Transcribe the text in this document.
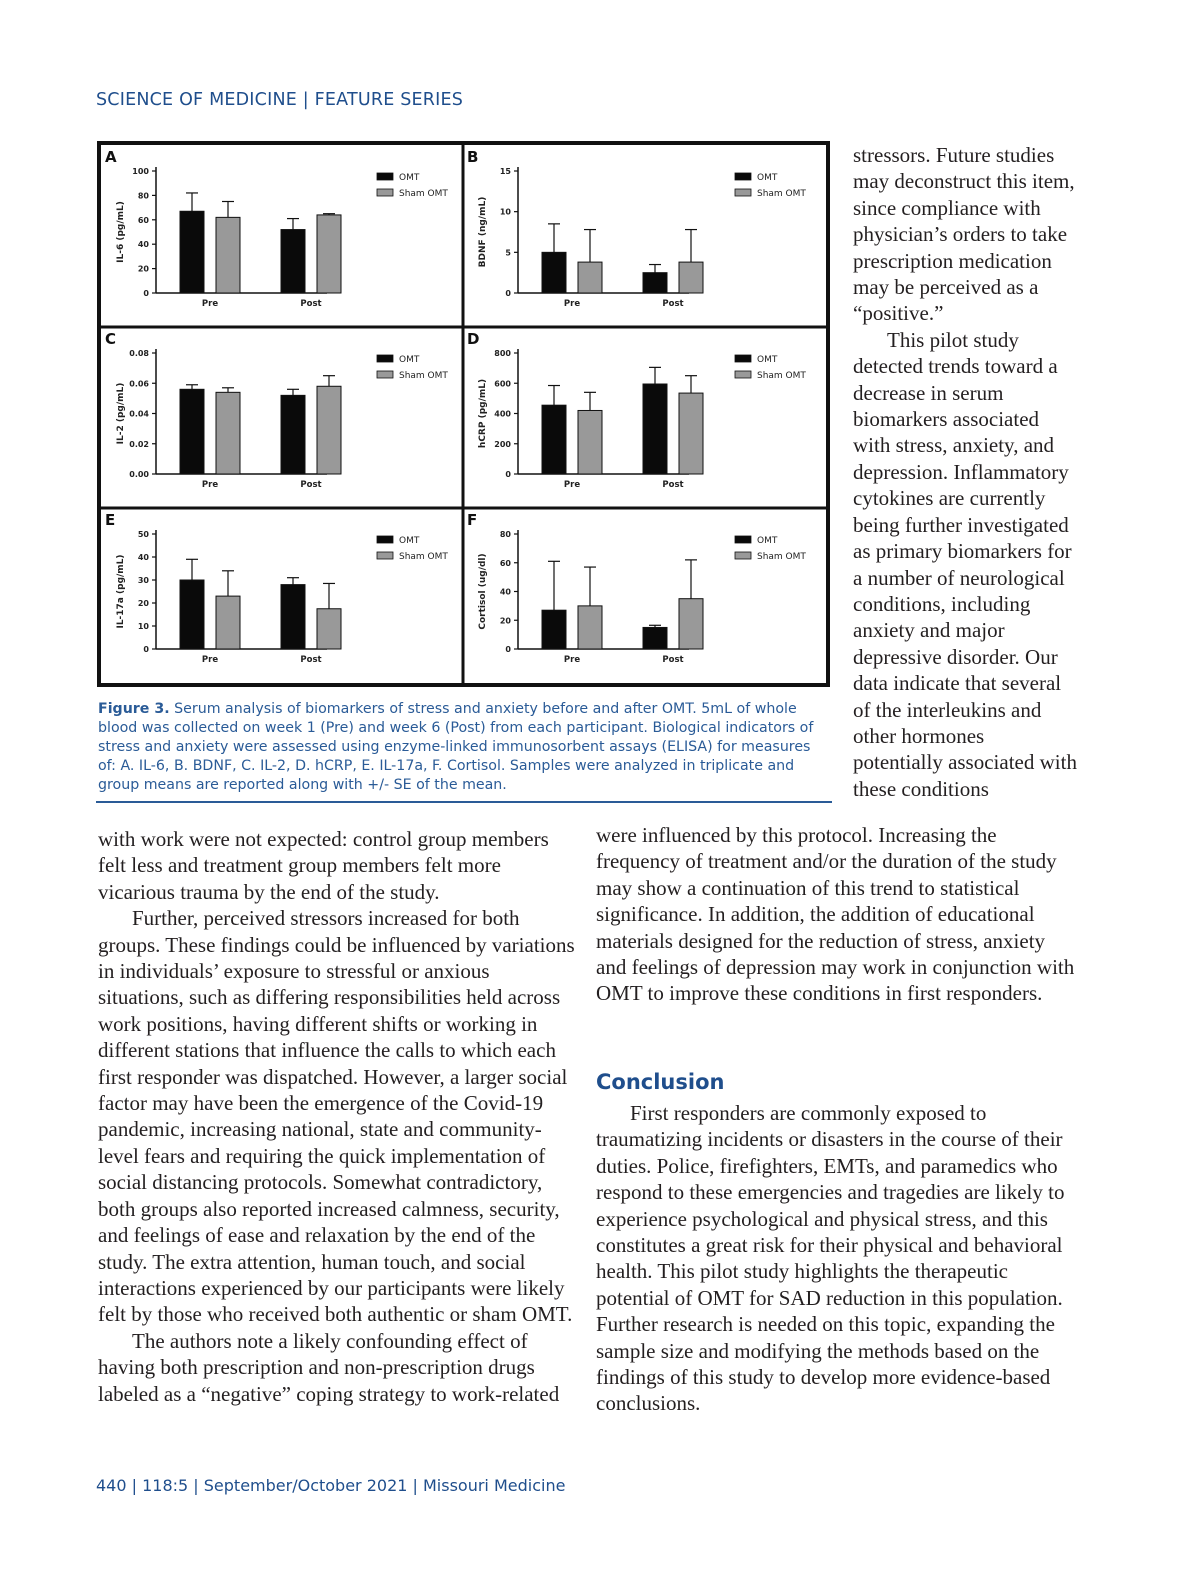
SCIENCE OF MEDICINE | FEATURE SERIES
A
0
20
40
60
80
100
IL-6 (pg/mL)
Pre	Post
OMT
Sham OMT
B
0
5
10
15
BDNF (ng/mL)
Pre	Post
OMT
Sham OMT
C
0.00
0.02
0.04
0.06
0.08
IL-2 (pg/mL)
Pre	Post
OMT
Sham OMT
D
0
200
400
600
800
hCRP (pg/mL)
Pre	Post
OMT
Sham OMT
E
0
10
20
30
40
50
IL-17a (pg/mL)
Pre	Post
OMT
Sham OMT
F
0
20
40
60
80
Cortisol (ug/dl)
Pre	Post
OMT
Sham OMT
Figure 3. Serum analysis of biomarkers of stress and anxiety before and after OMT. 5mL of whole blood was collected on week 1 (Pre) and week 6 (Post) from each participant. Biological indicators of stress and anxiety were assessed using enzyme-linked immunosorbent assays (ELISA) for measures of: A. IL-6, B. BDNF, C. IL-2, D. hCRP, E. IL-17a, F. Cortisol. Samples were analyzed in triplicate and group means are reported along with +/- SE of the mean.

stressors. Future studies may deconstruct this item, since compliance with physician’s orders to take prescription medication may be perceived as a “positive.”

This pilot study detected trends toward a decrease in serum biomarkers associated with stress, anxiety, and depression. Inflammatory cytokines are currently being further investigated as primary biomarkers for a number of neurological conditions, including anxiety and major depressive disorder. Our data indicate that several of the interleukins and other hormones potentially associated with these conditions

with work were not expected: control group members felt less and treatment group members felt more vicarious trauma by the end of the study.

Further, perceived stressors increased for both groups. These findings could be influenced by variations in individuals’ exposure to stressful or anxious situations, such as differing responsibilities held across work positions, having different shifts or working in different stations that influence the calls to which each first responder was dispatched. However, a larger social factor may have been the emergence of the Covid-19 pandemic, increasing national, state and community-level fears and requiring the quick implementation of social distancing protocols. Somewhat contradictory, both groups also reported increased calmness, security, and feelings of ease and relaxation by the end of the study. The extra attention, human touch, and social interactions experienced by our participants were likely felt by those who received both authentic or sham OMT.

The authors note a likely confounding effect of having both prescription and non-prescription drugs labeled as a “negative” coping strategy to work-related

were influenced by this protocol. Increasing the frequency of treatment and/or the duration of the study may show a continuation of this trend to statistical significance. In addition, the addition of educational materials designed for the reduction of stress, anxiety and feelings of depression may work in conjunction with OMT to improve these conditions in first responders.

Conclusion

First responders are commonly exposed to traumatizing incidents or disasters in the course of their duties. Police, firefighters, EMTs, and paramedics who respond to these emergencies and tragedies are likely to experience psychological and physical stress, and this constitutes a great risk for their physical and behavioral health. This pilot study highlights the therapeutic potential of OMT for SAD reduction in this population. Further research is needed on this topic, expanding the sample size and modifying the methods based on the findings of this study to develop more evidence-based conclusions.

440 | 118:5 | September/October 2021 | Missouri Medicine
